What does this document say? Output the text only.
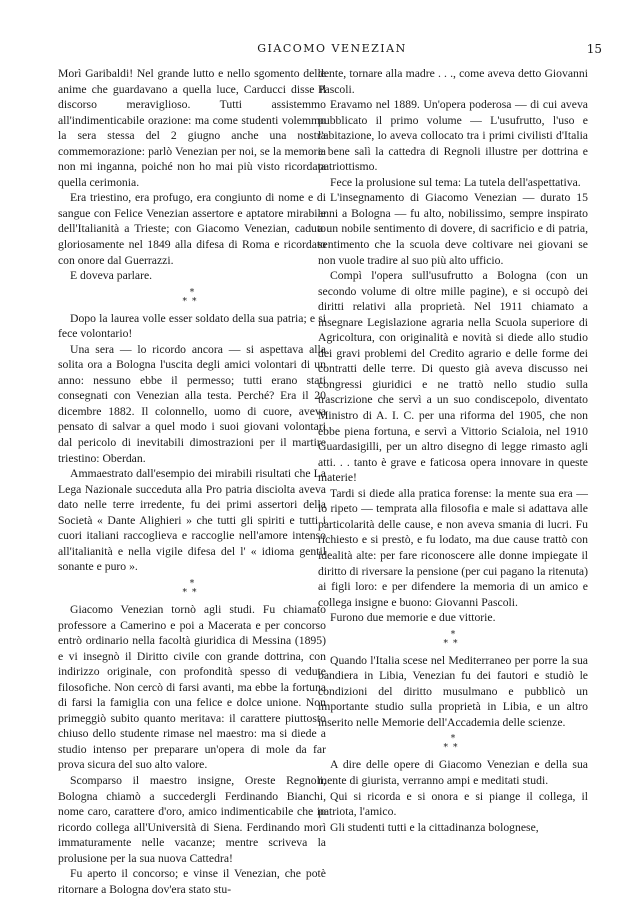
GIACOMO VENEZIAN	15

Morì Garibaldi! Nel grande lutto e nello sgomento delle anime che guardavano a quella luce, Carducci disse il discorso meraviglioso. Tutti assistemmo all'indimenticabile orazione: ma come studenti volemmo la sera stessa del 2 giugno anche una nostra commemorazione: parlò Venezian per noi, se la memoria non mi inganna, poiché non ho mai più visto ricordata quella cerimonia.

Era triestino, era profugo, era congiunto di nome e di sangue con Felice Venezian assertore e aptatore mirabile dell'Italianità a Trieste; con Giacomo Venezian, caduto gloriosamente nel 1849 alla difesa di Roma e ricordato con onore dal Guerrazzi.

E doveva parlare.

*
**

Dopo la laurea volle esser soldato della sua patria; e si fece volontario!

Una sera — lo ricordo ancora — si aspettava alla solita ora a Bologna l'uscita degli amici volontari di un anno: nessuno ebbe il permesso; tutti erano stati consegnati con Venezian alla testa. Perché? Era il 20 dicembre 1882. Il colonnello, uomo di cuore, aveva pensato di salvar a quel modo i suoi giovani volontari dal pericolo di inevitabili dimostrazioni per il martire triestino: Oberdan.

Ammaestrato dall'esempio dei mirabili risultati che La Lega Nazionale succeduta alla Pro patria disciolta aveva dato nelle terre irredente, fu dei primi assertori della Società « Dante Alighieri » che tutti gli spiriti e tutti i cuori italiani raccoglieva e raccoglie nell'amore intenso all'italianità e nella vigile difesa del l' « idioma gentil sonante e puro ».

*
**

Giacomo Venezian tornò agli studi. Fu chiamato professore a Camerino e poi a Macerata e per concorso entrò ordinario nella facoltà giuridica di Messina (1895) e vi insegnò il Diritto civile con grande dottrina, con indirizzo originale, con profondità spesso di vedute filosofiche. Non cercò di farsi avanti, ma ebbe la fortuna di farsi la famiglia con una felice e dolce unione. Non primeggiò subito quanto meritava: il carattere piuttosto chiuso dello studente rimase nel maestro: ma si diede a studio intenso per preparare un'opera di mole da far prova sicura del suo alto valore.

Scomparso il maestro insigne, Oreste Regnoli, Bologna chiamò a succedergli Ferdinando Bianchi, nome caro, carattere d'oro, amico indimenticabile che io ricordo collega all'Università di Siena. Ferdinando morì immaturamente nelle vacanze; mentre scriveva la prolusione per la sua nuova Cattedra!

Fu aperto il concorso; e vinse il Venezian, che potè ritornare a Bologna dov'era stato stu-

dente, tornare alla madre . . ., come aveva detto Giovanni Pascoli.

Eravamo nel 1889. Un'opera poderosa — di cui aveva pubblicato il primo volume — L'usufrutto, l'uso e l'abitazione, lo aveva collocato tra i primi civilisti d'Italia e bene salì la cattedra di Regnoli illustre per dottrina e patriottismo.

Fece la prolusione sul tema: La tutela dell'aspettativa.

L'insegnamento di Giacomo Venezian — durato 15 anni a Bologna — fu alto, nobilissimo, sempre inspirato a un nobile sentimento di dovere, di sacrificio e di patria, sentimento che la scuola deve coltivare nei giovani se non vuole tradire al suo più alto ufficio.

Compì l'opera sull'usufrutto a Bologna (con un secondo volume di oltre mille pagine), e si occupò dei diritti relativi alla proprietà. Nel 1911 chiamato a insegnare Legislazione agraria nella Scuola superiore di Agricoltura, con originalità e novità si diede allo studio dei gravi problemi del Credito agrario e delle forme dei contratti delle terre. Di questo già aveva discusso nei congressi giuridici e ne trattò nello studio sulla trascrizione che servì a un suo condiscepolo, diventato Ministro di A. I. C. per una riforma del 1905, che non ebbe piena fortuna, e servì a Vittorio Scialoia, nel 1910 Guardasigilli, per un altro disegno di legge rimasto agli atti. . . tanto è grave e faticosa opera innovare in queste materie!

Tardi si diede alla pratica forense: la mente sua era — lo ripeto — temprata alla filosofia e male si adattava alle particolarità delle cause, e non aveva smania di lucri. Fu richiesto e si prestò, e fu lodato, ma due cause trattò con idealità alte: per fare riconoscere alle donne impiegate il diritto di riversare la pensione (per cui pagano la ritenuta) ai figli loro: e per difendere la memoria di un amico e collega insigne e buono: Giovanni Pascoli.

Furono due memorie e due vittorie.

*
**

Quando l'Italia scese nel Mediterraneo per porre la sua bandiera in Libia, Venezian fu dei fautori e studiò le condizioni del diritto musulmano e pubblicò un importante studio sulla proprietà in Libia, e un altro inserito nelle Memorie dell'Accademia delle scienze.

*
**

A dire delle opere di Giacomo Venezian e della sua mente di giurista, verranno ampi e meditati studi.

Qui si ricorda e si onora e si piange il collega, il patriota, l'amico.

Gli studenti tutti e la cittadinanza bolognese,
